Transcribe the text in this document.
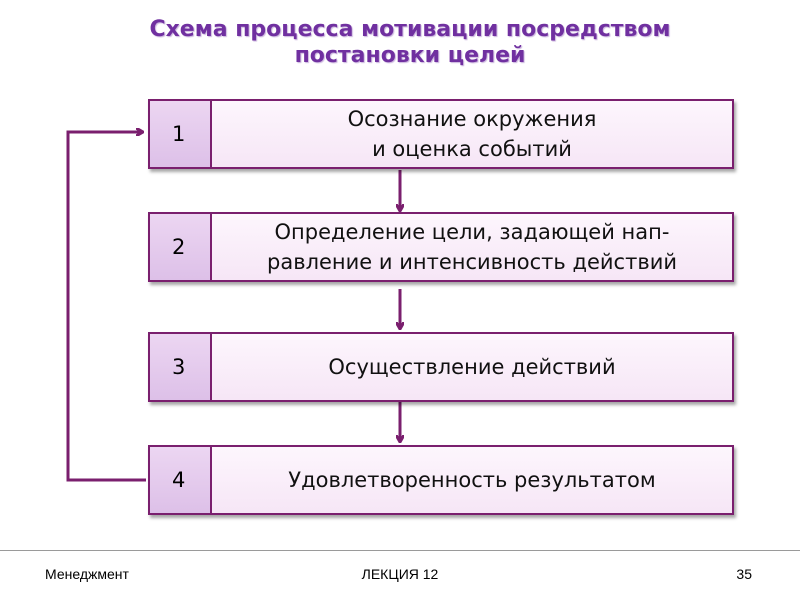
Схема процесса мотивации посредством
постановки целей
1
Осознание окружения
и оценка событий
2
Определение цели, задающей нап-
равление и интенсивность действий
3	Осуществление действий
4	Удовлетворенность результатом
Менеджмент	ЛЕКЦИЯ 12	35
